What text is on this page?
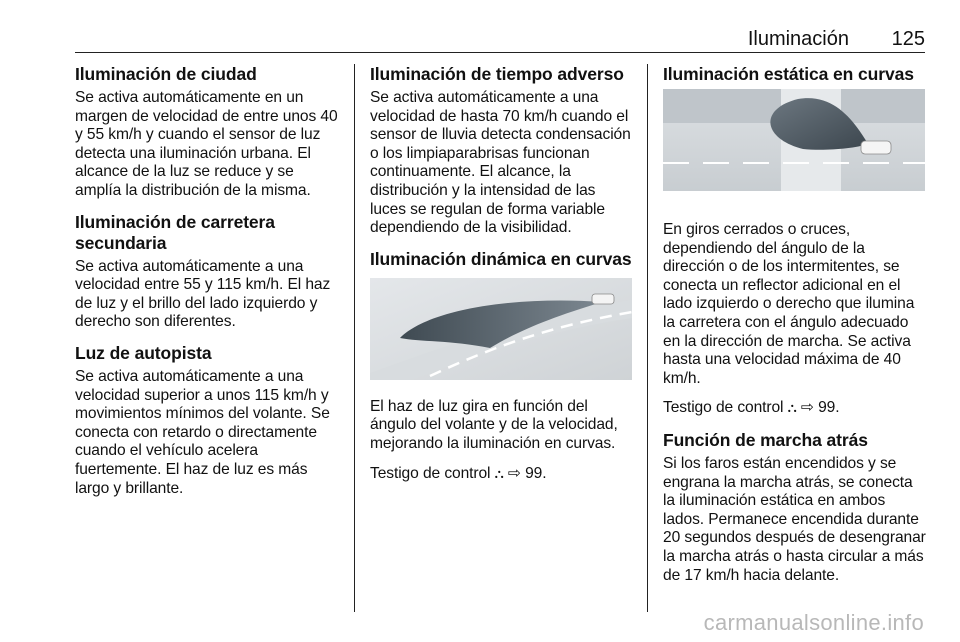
Iluminación 125
Iluminación de ciudad

Se activa automáticamente en un margen de velocidad de entre unos 40 y 55 km/h y cuando el sensor de luz detecta una iluminación urbana. El alcance de la luz se reduce y se amplía la distribución de la misma.

Iluminación de carretera secundaria

Se activa automáticamente a una velocidad entre 55 y 115 km/h. El haz de luz y el brillo del lado izquierdo y derecho son diferentes.

Luz de autopista

Se activa automáticamente a una velocidad superior a unos 115 km/h y movimientos mínimos del volante. Se conecta con retardo o directamente cuando el vehículo acelera fuertemente. El haz de luz es más largo y brillante.

Iluminación de tiempo adverso

Se activa automáticamente a una velocidad de hasta 70 km/h cuando el sensor de lluvia detecta condensación o los limpiaparabrisas funcionan continuamente. El alcance, la distribución y la intensidad de las luces se regulan de forma variable dependiendo de la visibilidad.

Iluminación dinámica en curvas

El haz de luz gira en función del ángulo del volante y de la velocidad, mejorando la iluminación en curvas.

Testigo de control ⛬ ⇨ 99.

Iluminación estática en curvas

En giros cerrados o cruces, dependiendo del ángulo de la dirección o de los intermitentes, se conecta un reflector adicional en el lado izquierdo o derecho que ilumina la carretera con el ángulo adecuado en la dirección de marcha. Se activa hasta una velocidad máxima de 40 km/h.

Testigo de control ⛬ ⇨ 99.

Función de marcha atrás

Si los faros están encendidos y se engrana la marcha atrás, se conecta la iluminación estática en ambos lados. Permanece encendida durante 20 segundos después de desengranar la marcha atrás o hasta circular a más de 17 km/h hacia delante.

carmanualsonline.info
